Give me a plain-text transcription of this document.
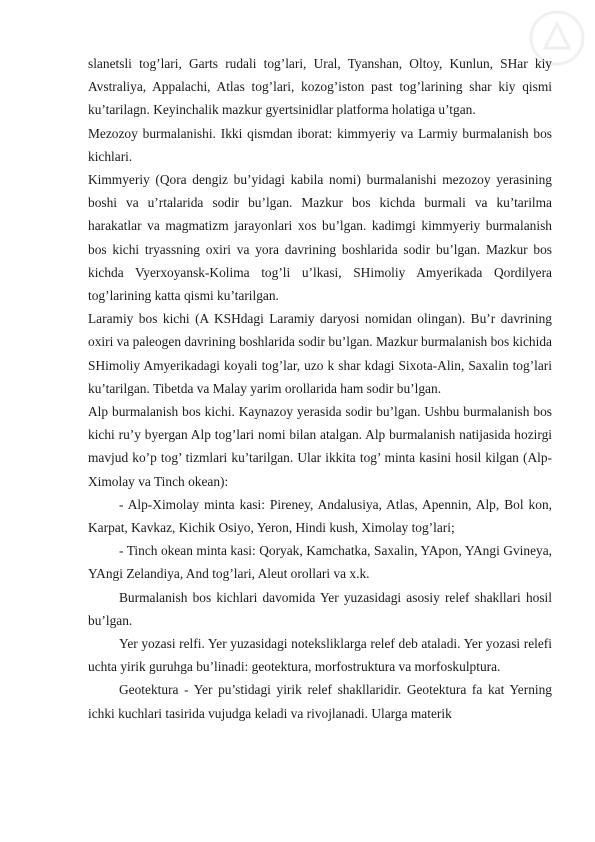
slanetsli tog’lari, Garts rudali tog’lari, Ural, Tyanshan, Oltoy, Kunlun, SHar kiy Avstraliya, Appalachi, Atlas tog’lari, kozog’iston past tog’larining shar kiy qismi ku’tarilagn. Keyinchalik mazkur gyertsinidlar platforma holatiga u’tgan.

Mezozoy burmalanishi. Ikki qismdan iborat: kimmyeriy va Larmiy burmalanish bos kichlari.

Kimmyeriy (Qora dengiz bu’yidagi kabila nomi) burmalanishi mezozoy yerasining boshi va u’rtalarida sodir bu’lgan. Mazkur bos kichda burmali va ku’tarilma harakatlar va magmatizm jarayonlari xos bu’lgan. kadimgi kimmyeriy burmalanish bos kichi tryassning oxiri va yora davrining boshlarida sodir bu’lgan. Mazkur bos kichda Vyerxoyansk-Kolima tog’li u’lkasi, SHimoliy Amyerikada Qordilyera tog’larining katta qismi ku’tarilgan.

Laramiy bos kichi (A KSHdagi Laramiy daryosi nomidan olingan). Bu’r davrining oxiri va paleogen davrining boshlarida sodir bu’lgan. Mazkur burmalanish bos kichida SHimoliy Amyerikadagi koyali tog’lar, uzo k shar kdagi Sixota-Alin, Saxalin tog’lari ku’tarilgan. Tibetda va Malay yarim orollarida ham sodir bu’lgan.

Alp burmalanish bos kichi. Kaynazoy yerasida sodir bu’lgan. Ushbu burmalanish bos kichi ru’y byergan Alp tog’lari nomi bilan atalgan. Alp burmalanish natijasida hozirgi mavjud ko’p tog’ tizmlari ku’tarilgan. Ular ikkita tog’ minta kasini hosil kilgan (Alp-Ximolay va Tinch okean):

- Alp-Ximolay minta kasi: Pireney, Andalusiya, Atlas, Apennin, Alp, Bol kon, Karpat, Kavkaz, Kichik Osiyo, Yeron, Hindi kush, Ximolay tog’lari;

- Tinch okean minta kasi: Qoryak, Kamchatka, Saxalin, YApon, YAngi Gvineya, YAngi Zelandiya, And tog’lari, Aleut orollari va x.k.

Burmalanish bos kichlari davomida Yer yuzasidagi asosiy relef shakllari hosil bu’lgan.

Yer yozasi relfi. Yer yuzasidagi noteksliklarga relef deb ataladi. Yer yozasi relefi uchta yirik guruhga bu’linadi: geotektura, morfostruktura va morfoskulptura.

Geotektura - Yer pu’stidagi yirik relef shakllaridir. Geotektura fa kat Yerning ichki kuchlari tasirida vujudga keladi va rivojlanadi. Ularga materik
